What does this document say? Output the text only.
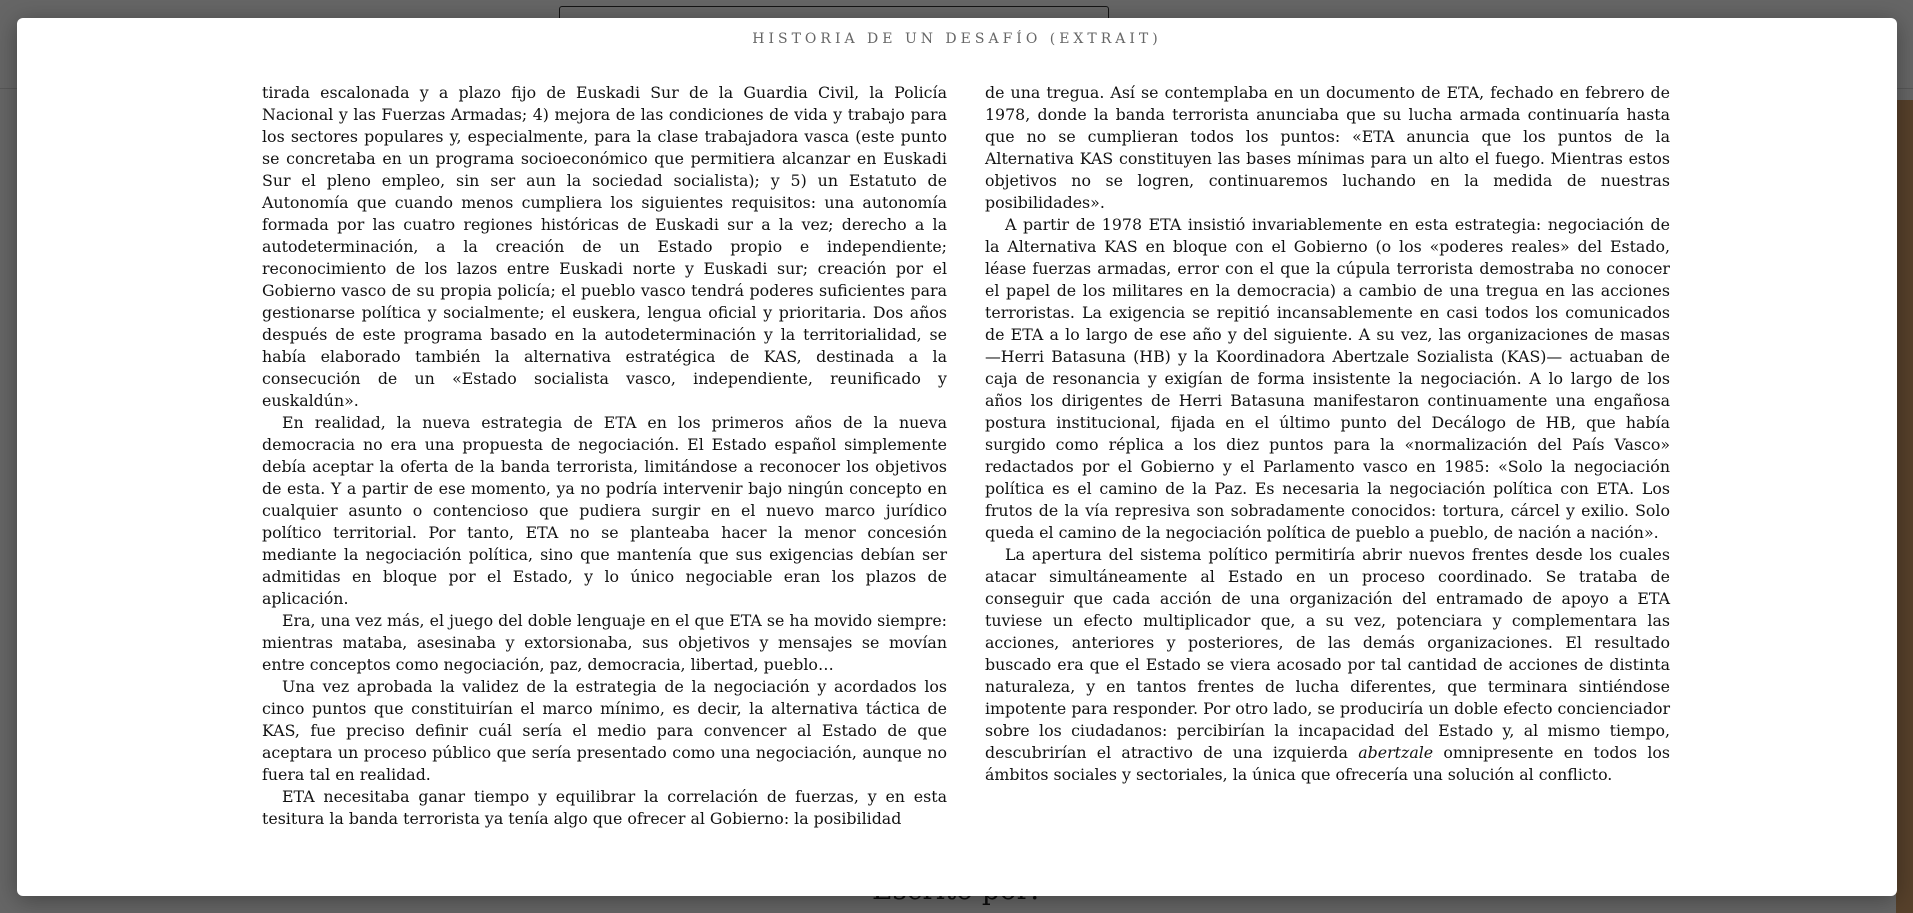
HISTORIA DE UN DESAFÍO (EXTRAIT)

tirada escalonada y a plazo fijo de Euskadi Sur de la Guardia Civil, la Policía Nacional y las Fuerzas Armadas; 4) mejora de las condiciones de vida y trabajo para los sectores populares y, especialmente, para la clase trabajadora vasca (este punto se concretaba en un programa socioeconómico que permitiera alcanzar en Euskadi Sur el pleno empleo, sin ser aun la sociedad socialista); y 5) un Estatuto de Autonomía que cuando menos cumpliera los siguientes requisitos: una autonomía formada por las cuatro regiones históricas de Euskadi sur a la vez; derecho a la autodeterminación, a la creación de un Estado propio e independiente; reconocimiento de los lazos entre Euskadi norte y Euskadi sur; creación por el Gobierno vasco de su propia policía; el pueblo vasco tendrá poderes suficientes para gestionarse política y socialmente; el euskera, lengua oficial y prioritaria. Dos años después de este programa basado en la autodeterminación y la territorialidad, se había elaborado también la alternativa estratégica de KAS, destinada a la consecución de un «Estado socialista vasco, independiente, reunificado y euskaldún».

En realidad, la nueva estrategia de ETA en los primeros años de la nueva democracia no era una propuesta de negociación. El Estado español simplemente debía aceptar la oferta de la banda terrorista, limitándose a reconocer los objetivos de esta. Y a partir de ese momento, ya no podría intervenir bajo ningún concepto en cualquier asunto o contencioso que pudiera surgir en el nuevo marco jurídico político territorial. Por tanto, ETA no se planteaba hacer la menor concesión mediante la negociación política, sino que mantenía que sus exigencias debían ser admitidas en bloque por el Estado, y lo único negociable eran los plazos de aplicación.

Era, una vez más, el juego del doble lenguaje en el que ETA se ha movido siempre: mientras mataba, asesinaba y extorsionaba, sus objetivos y mensajes se movían entre conceptos como negociación, paz, democracia, libertad, pueblo…

Una vez aprobada la validez de la estrategia de la negociación y acordados los cinco puntos que constituirían el marco mínimo, es decir, la alternativa táctica de KAS, fue preciso definir cuál sería el medio para convencer al Estado de que aceptara un proceso público que sería presentado como una negociación, aunque no fuera tal en realidad.

ETA necesitaba ganar tiempo y equilibrar la correlación de fuerzas, y en esta tesitura la banda terrorista ya tenía algo que ofrecer al Gobierno: la posibilidad

de una tregua. Así se contemplaba en un documento de ETA, fechado en febrero de 1978, donde la banda terrorista anunciaba que su lucha armada continuaría hasta que no se cumplieran todos los puntos: «ETA anuncia que los puntos de la Alternativa KAS constituyen las bases mínimas para un alto el fuego. Mientras estos objetivos no se logren, continuaremos luchando en la medida de nuestras posibilidades».

A partir de 1978 ETA insistió invariablemente en esta estrategia: negociación de la Alternativa KAS en bloque con el Gobierno (o los «poderes reales» del Estado, léase fuerzas armadas, error con el que la cúpula terrorista demostraba no conocer el papel de los militares en la democracia) a cambio de una tregua en las acciones terroristas. La exigencia se repitió incansablemente en casi todos los comunicados de ETA a lo largo de ese año y del siguiente. A su vez, las organizaciones de masas —Herri Batasuna (HB) y la Koordinadora Abertzale Sozialista (KAS)— actuaban de caja de resonancia y exigían de forma insistente la negociación. A lo largo de los años los dirigentes de Herri Batasuna manifestaron continuamente una engañosa postura institucional, fijada en el último punto del Decálogo de HB, que había surgido como réplica a los diez puntos para la «normalización del País Vasco» redactados por el Gobierno y el Parlamento vasco en 1985: «Solo la negociación política es el camino de la Paz. Es necesaria la negociación política con ETA. Los frutos de la vía represiva son sobradamente conocidos: tortura, cárcel y exilio. Solo queda el camino de la negociación política de pueblo a pueblo, de nación a nación».

La apertura del sistema político permitiría abrir nuevos frentes desde los cuales atacar simultáneamente al Estado en un proceso coordinado. Se trataba de conseguir que cada acción de una organización del entramado de apoyo a ETA tuviese un efecto multiplicador que, a su vez, potenciara y complementara las acciones, anteriores y posteriores, de las demás organizaciones. El resultado buscado era que el Estado se viera acosado por tal cantidad de acciones de distinta naturaleza, y en tantos frentes de lucha diferentes, que terminara sintiéndose impotente para responder. Por otro lado, se produciría un doble efecto concienciador sobre los ciudadanos: percibirían la incapacidad del Estado y, al mismo tiempo, descubrirían el atractivo de una izquierda abertzale omnipresente en todos los ámbitos sociales y sectoriales, la única que ofrecería una solución al conflicto.
